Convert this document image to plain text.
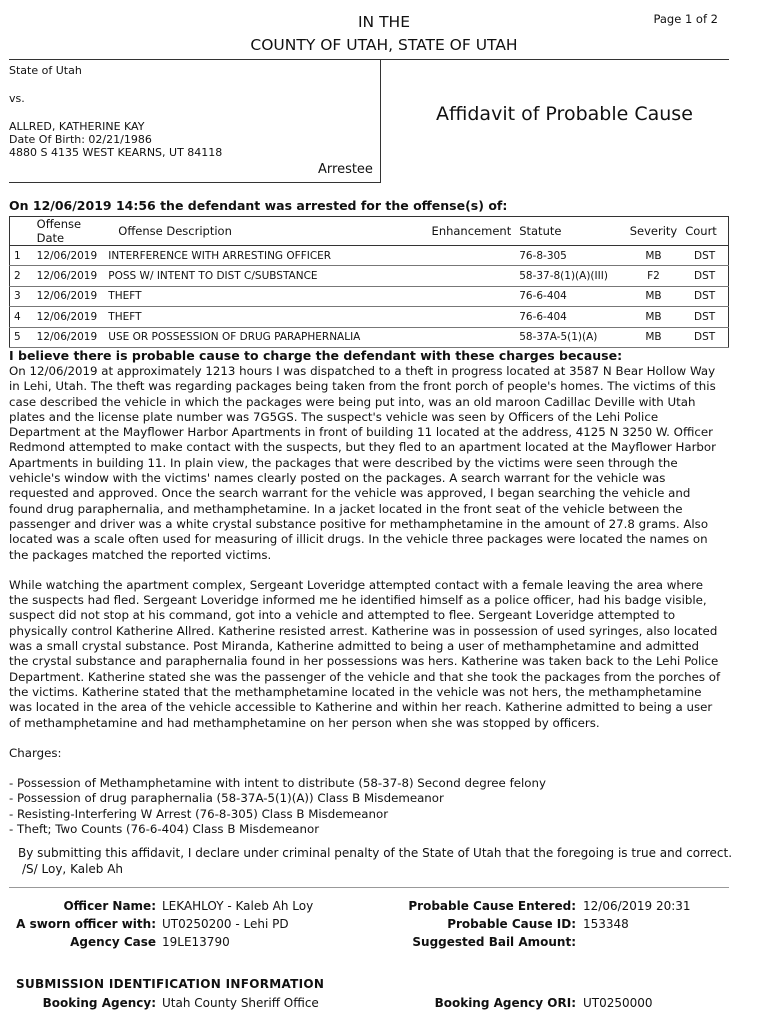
IN THE
COUNTY OF UTAH, STATE OF UTAH
Page 1 of 2
State of Utah
vs.
ALLRED, KATHERINE KAY
Date Of Birth: 02/21/1986
4880 S 4135 WEST KEARNS, UT 84118
Arrestee
Affidavit of Probable Cause
On 12/06/2019 14:56 the defendant was arrested for the offense(s) of:
	Offense Date	Offense Description	Enhancement	Statute	Severity	Court
1	12/06/2019	INTERFERENCE WITH ARRESTING OFFICER		76-8-305	MB	DST
2	12/06/2019	POSS W/ INTENT TO DIST C/SUBSTANCE		58-37-8(1)(A)(III)	F2	DST
3	12/06/2019	THEFT		76-6-404	MB	DST
4	12/06/2019	THEFT		76-6-404	MB	DST
5	12/06/2019	USE OR POSSESSION OF DRUG PARAPHERNALIA		58-37A-5(1)(A)	MB	DST
I believe there is probable cause to charge the defendant with these charges because:

On 12/06/2019 at approximately 1213 hours I was dispatched to a theft in progress located at 3587 N Bear Hollow Way in Lehi, Utah. The theft was regarding packages being taken from the front porch of people's homes. The victims of this case described the vehicle in which the packages were being put into, was an old maroon Cadillac Deville with Utah plates and the license plate number was 7G5GS. The suspect's vehicle was seen by Officers of the Lehi Police Department at the Mayflower Harbor Apartments in front of building 11 located at the address, 4125 N 3250 W. Officer Redmond attempted to make contact with the suspects, but they fled to an apartment located at the Mayflower Harbor Apartments in building 11. In plain view, the packages that were described by the victims were seen through the vehicle's window with the victims' names clearly posted on the packages. A search warrant for the vehicle was requested and approved. Once the search warrant for the vehicle was approved, I began searching the vehicle and found drug paraphernalia, and methamphetamine. In a jacket located in the front seat of the vehicle between the passenger and driver was a white crystal substance positive for methamphetamine in the amount of 27.8 grams. Also located was a scale often used for measuring of illicit drugs. In the vehicle three packages were located the names on the packages matched the reported victims.

While watching the apartment complex, Sergeant Loveridge attempted contact with a female leaving the area where the suspects had fled. Sergeant Loveridge informed me he identified himself as a police officer, had his badge visible, suspect did not stop at his command, got into a vehicle and attempted to flee. Sergeant Loveridge attempted to physically control Katherine Allred. Katherine resisted arrest. Katherine was in possession of used syringes, also located was a small crystal substance. Post Miranda, Katherine admitted to being a user of methamphetamine and admitted the crystal substance and paraphernalia found in her possessions was hers. Katherine was taken back to the Lehi Police Department. Katherine stated she was the passenger of the vehicle and that she took the packages from the porches of the victims. Katherine stated that the methamphetamine located in the vehicle was not hers, the methamphetamine was located in the area of the vehicle accessible to Katherine and within her reach. Katherine admitted to being a user of methamphetamine and had methamphetamine on her person when she was stopped by officers.

Charges:
- Possession of Methamphetamine with intent to distribute (58-37-8) Second degree felony
- Possession of drug paraphernalia (58-37A-5(1)(A)) Class B Misdemeanor
- Resisting-Interfering W Arrest (76-8-305) Class B Misdemeanor
- Theft; Two Counts (76-6-404) Class B Misdemeanor
By submitting this affidavit, I declare under criminal penalty of the State of Utah that the foregoing is true and correct.
/S/ Loy, Kaleb Ah
Officer Name: LEKAHLOY - Kaleb Ah Loy
A sworn officer with: UT0250200 - Lehi PD
Agency Case 19LE13790
Probable Cause Entered: 12/06/2019 20:31
Probable Cause ID: 153348
Suggested Bail Amount:
SUBMISSION IDENTIFICATION INFORMATION
Booking Agency: Utah County Sheriff Office	Booking Agency ORI: UT0250000
